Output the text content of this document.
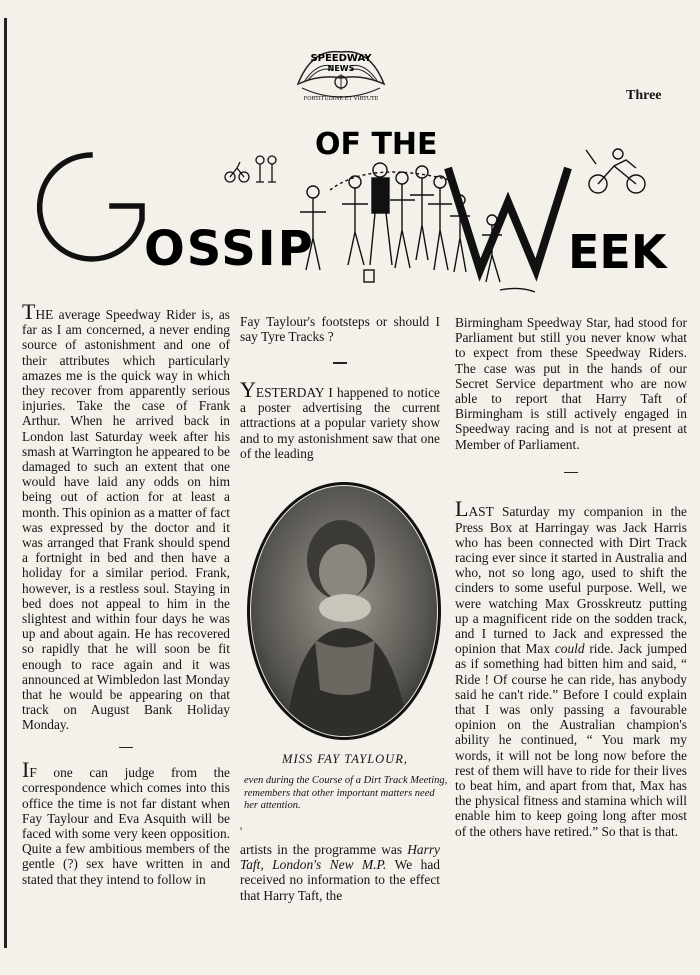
SPEEDWAY
NEWS
FORTITUDINE ET VIRTUTE	Three
OSSIP
OF THE
EEK

THE average Speedway Rider is, as far as I am concerned, a never ending source of astonishment and one of their attributes which particularly amazes me is the quick way in which they recover from apparently serious injuries. Take the case of Frank Arthur. When he arrived back in London last Saturday week after his smash at Warrington he appeared to be damaged to such an extent that one would have laid any odds on him being out of action for at least a month. This opinion as a matter of fact was expressed by the doctor and it was arranged that Frank should spend a fortnight in bed and then have a holiday for a similar period. Frank, however, is a restless soul. Staying in bed does not appeal to him in the slightest and within four days he was up and about again. He has recovered so rapidly that he will soon be fit enough to race again and it was announced at Wimbledon last Monday that he would be appearing on that track on August Bank Holiday Monday.

IF one can judge from the correspondence which comes into this office the time is not far distant when Fay Taylour and Eva Asquith will be faced with some very keen opposition. Quite a few ambitious members of the gentle (?) sex have written in and stated that they intend to follow in

Fay Taylour's footsteps or should I say Tyre Tracks ?

YESTERDAY I happened to notice a poster advertising the current attractions at a popular variety show and to my astonishment saw that one of the leading

MISS FAY TAYLOUR,
even during the Course of a Dirt Track Meeting, remembers that other important matters need her attention.
'

artists in the programme was Harry Taft, London's New M.P. We had received no information to the effect that Harry Taft, the

Birmingham Speedway Star, had stood for Parliament but still you never know what to expect from these Speedway Riders. The case was put in the hands of our Secret Service department who are now able to report that Harry Taft of Birmingham is still actively engaged in Speedway racing and is not at present at Member of Parliament.

LAST Saturday my companion in the Press Box at Harringay was Jack Harris who has been connected with Dirt Track racing ever since it started in Australia and who, not so long ago, used to shift the cinders to some useful purpose. Well, we were watching Max Grosskreutz putting up a magnificent ride on the sodden track, and I turned to Jack and expressed the opinion that Max could ride. Jack jumped as if something had bitten him and said, “ Ride ! Of course he can ride, has anybody said he can't ride.” Before I could explain that I was only passing a favourable opinion on the Australian champion's ability he continued, “ You mark my words, it will not be long now before the rest of them will have to ride for their lives to beat him, and apart from that, Max has the physical fitness and stamina which will enable him to keep going long after most of the others have retired.” So that is that.
